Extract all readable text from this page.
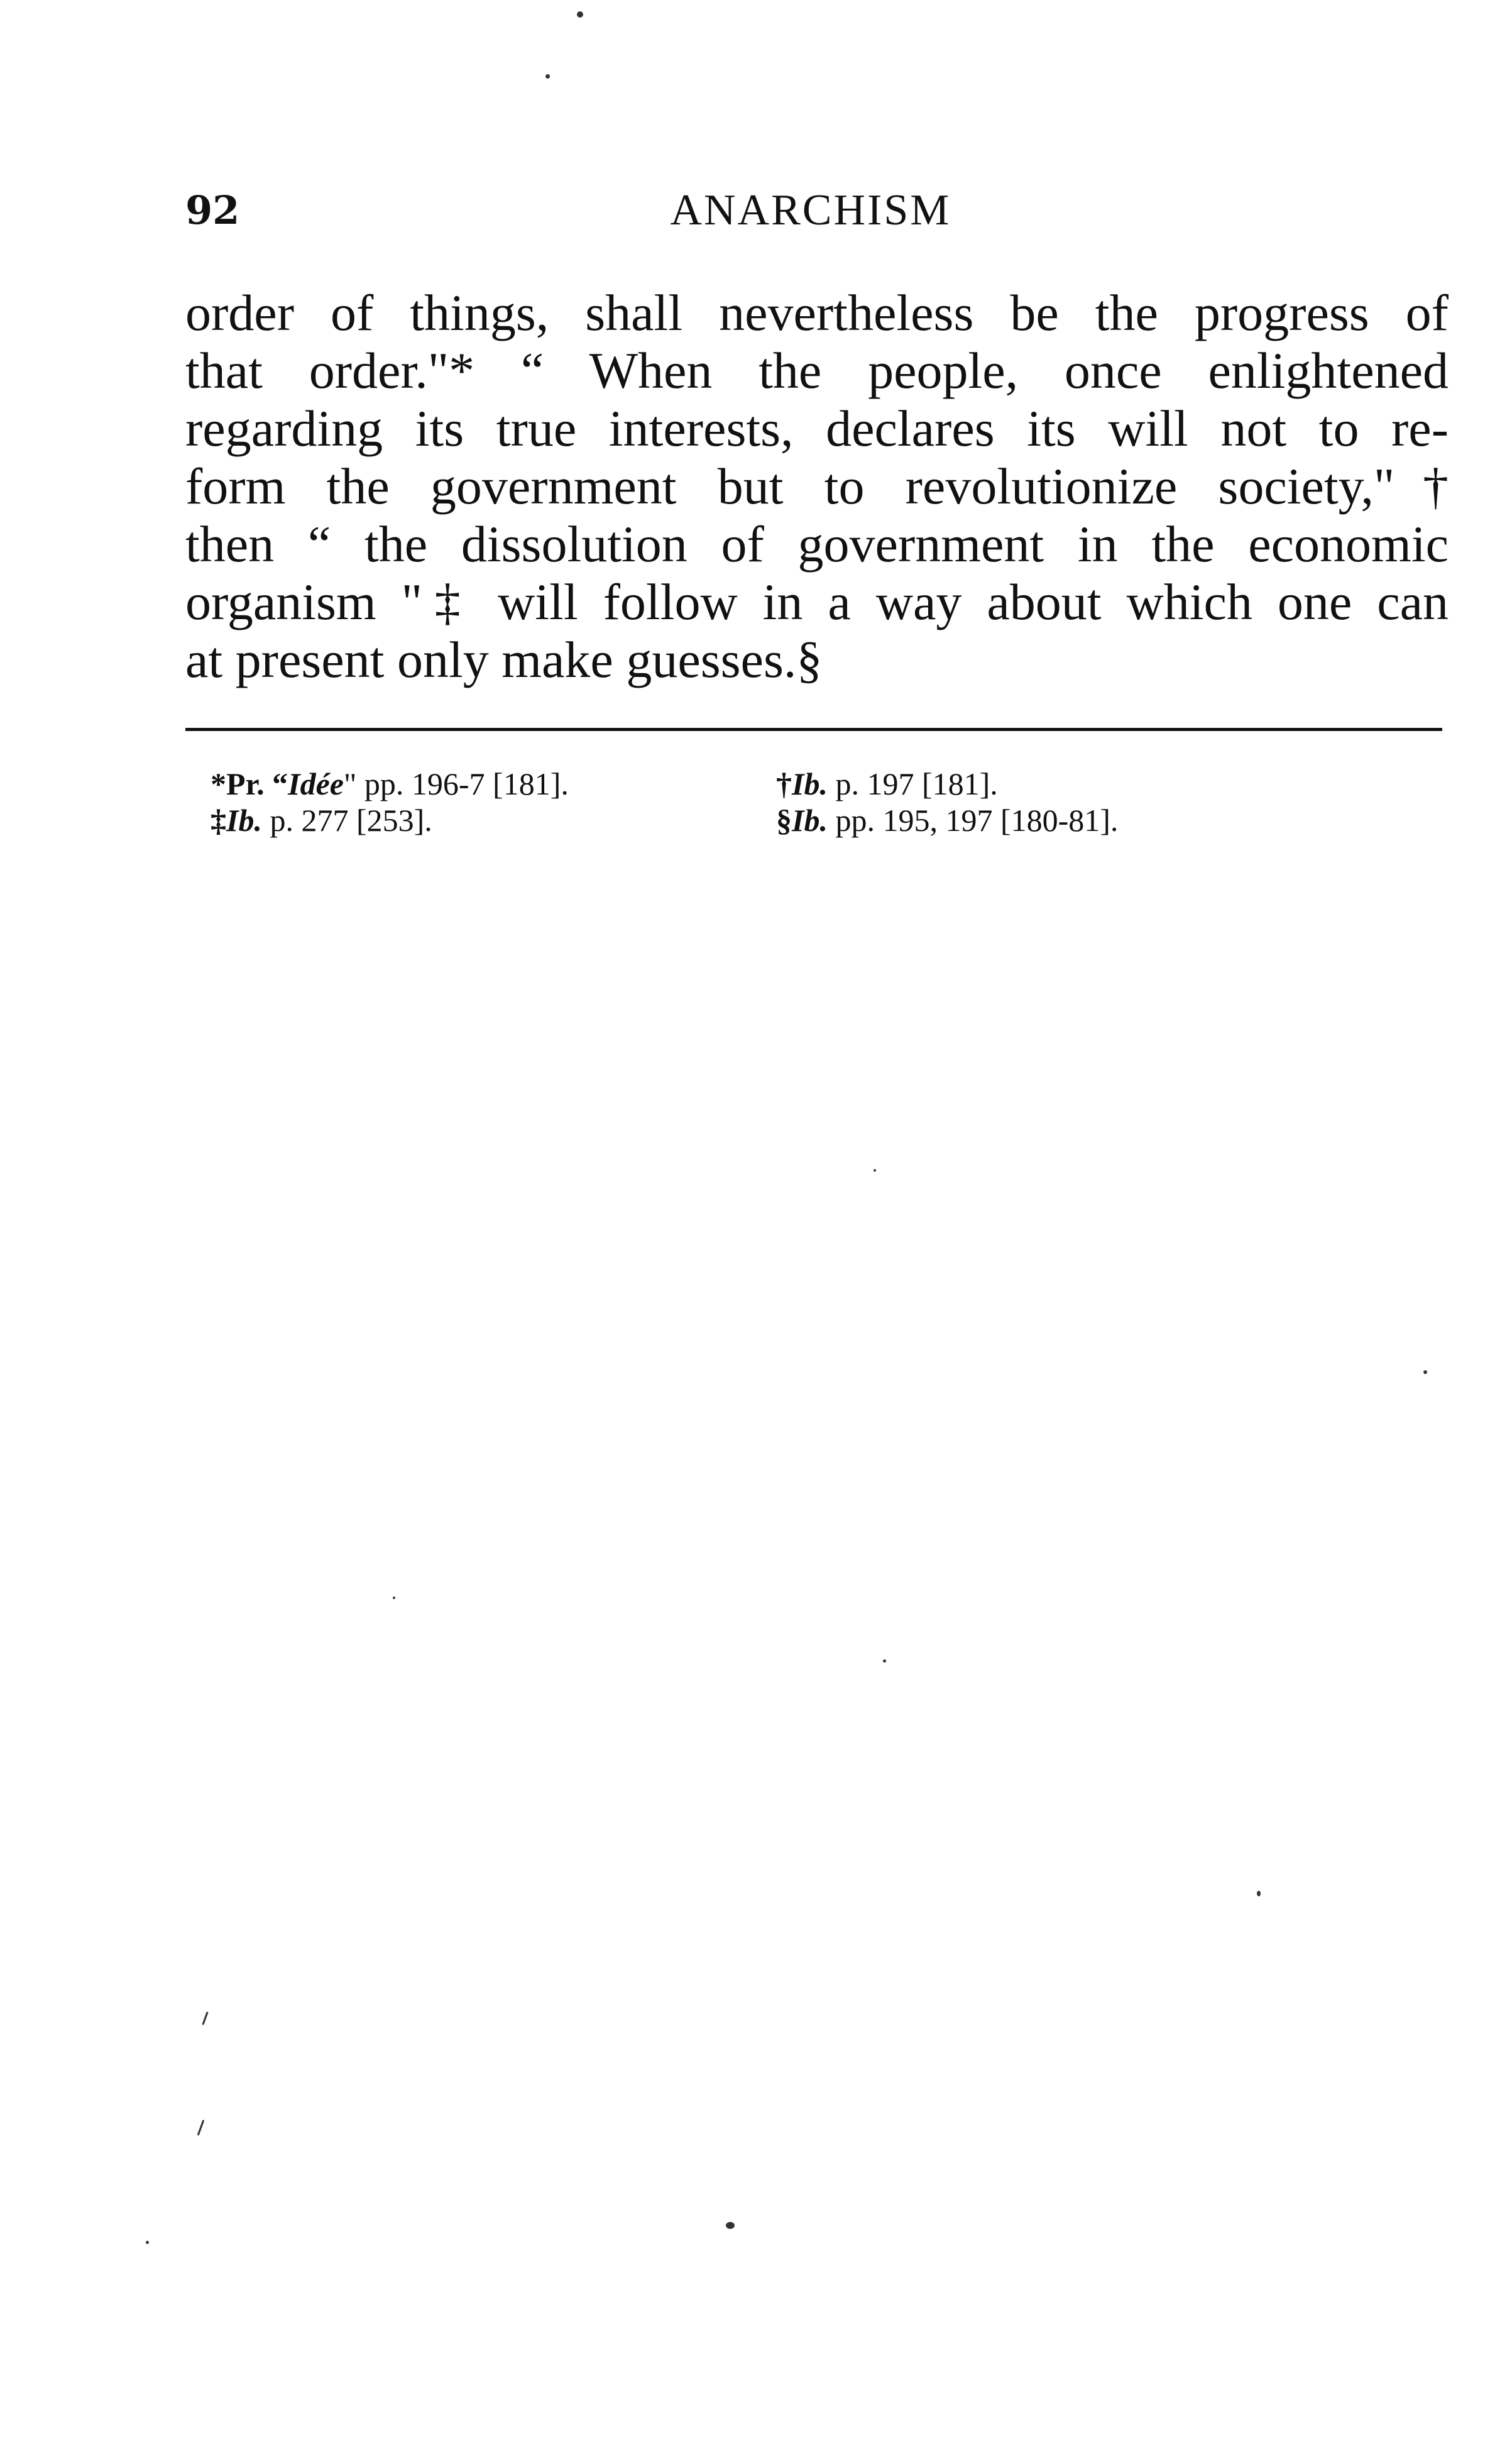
92	ANARCHISM
order of things, shall nevertheless be the progress of
that order."* “ When the people, once enlightened
regarding its true interests, declares its will not to re-
form the government but to revolutionize society,"†
then “ the dissolution of government in the economic
organism "‡ will follow in a way about which one can
at present only make guesses.§
*Pr. “Idée" pp. 196-7 [181].	†Ib. p. 197 [181].
‡Ib. p. 277 [253].	§Ib. pp. 195, 197 [180-81].
